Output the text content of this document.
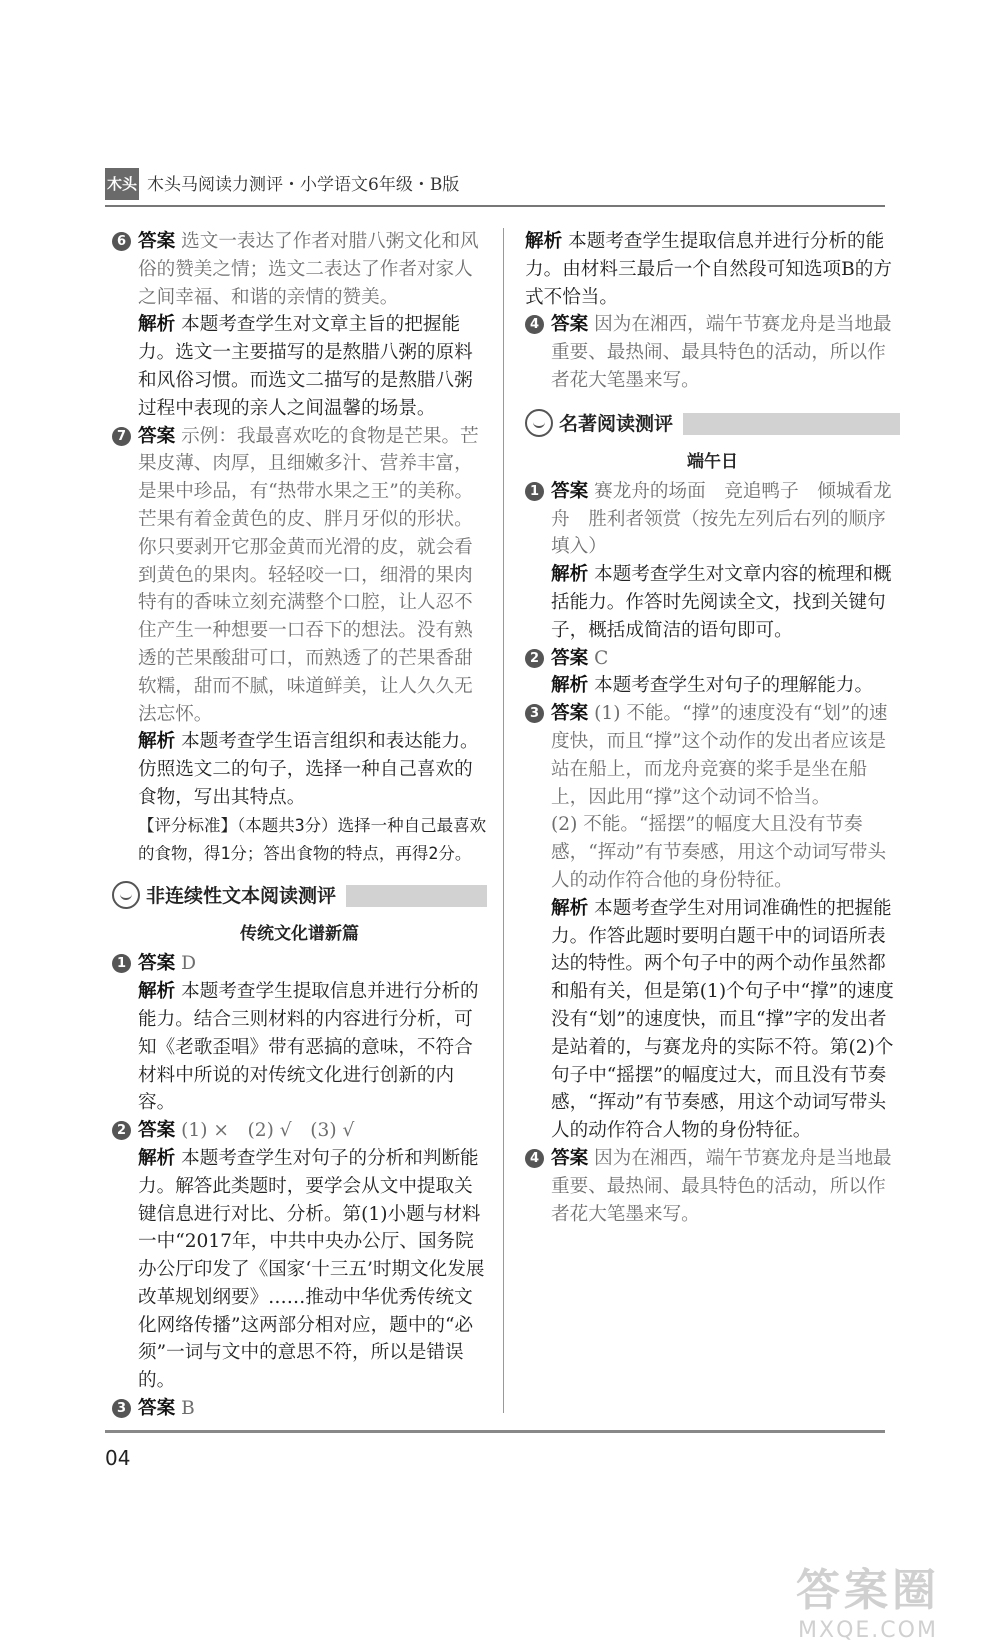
木头马
木头马阅读力测评・小学语文6年级・B版
6 答案 选文一表达了作者对腊八粥文化和风俗的赞美之情；选文二表达了作者对家人之间幸福、和谐的亲情的赞美。
解析 本题考查学生对文章主旨的把握能力。选文一主要描写的是熬腊八粥的原料和风俗习惯。而选文二描写的是熬腊八粥过程中表现的亲人之间温馨的场景。
7 答案 示例：我最喜欢吃的食物是芒果。芒果皮薄、肉厚，且细嫩多汁、营养丰富，是果中珍品，有“热带水果之王”的美称。芒果有着金黄色的皮、胖月牙似的形状。你只要剥开它那金黄而光滑的皮，就会看到黄色的果肉。轻轻咬一口，细滑的果肉特有的香味立刻充满整个口腔，让人忍不住产生一种想要一口吞下的想法。没有熟透的芒果酸甜可口，而熟透了的芒果香甜软糯，甜而不腻，味道鲜美，让人久久无法忘怀。
解析 本题考查学生语言组织和表达能力。仿照选文二的句子，选择一种自己喜欢的食物，写出其特点。
【评分标准】（本题共3分）选择一种自己最喜欢的食物，得1分；答出食物的特点，再得2分。
非连续性文本阅读测评
传统文化谱新篇
1 答案 D
解析 本题考查学生提取信息并进行分析的能力。结合三则材料的内容进行分析，可知《老歌歪唱》带有恶搞的意味，不符合材料中所说的对传统文化进行创新的内容。
2 答案 (1) ×　(2) √　(3) √
解析 本题考查学生对句子的分析和判断能力。解答此类题时，要学会从文中提取关键信息进行对比、分析。第(1)小题与材料一中“2017年，中共中央办公厅、国务院办公厅印发了《国家‘十三五’时期文化发展改革规划纲要》……推动中华优秀传统文化网络传播”这两部分相对应，题中的“必须”一词与文中的意思不符，所以是错误的。
3 答案 B
解析 本题考查学生提取信息并进行分析的能力。由材料三最后一个自然段可知选项B的方式不恰当。
4 答案 因为在湘西，端午节赛龙舟是当地最重要、最热闹、最具特色的活动，所以作者花大笔墨来写。
名著阅读测评
端午日
1 答案 赛龙舟的场面　竞追鸭子　倾城看龙舟　胜利者领赏（按先左列后右列的顺序填入）
解析 本题考查学生对文章内容的梳理和概括能力。作答时先阅读全文，找到关键句子，概括成简洁的语句即可。
2 答案 C
解析 本题考查学生对句子的理解能力。
3 答案 (1) 不能。“撑”的速度没有“划”的速度快，而且“撑”这个动作的发出者应该是站在船上，而龙舟竞赛的桨手是坐在船上，因此用“撑”这个动词不恰当。
(2) 不能。“摇摆”的幅度大且没有节奏感，“挥动”有节奏感，用这个动词写带头人的动作符合他的身份特征。
解析 本题考查学生对用词准确性的把握能力。作答此题时要明白题干中的词语所表达的特性。两个句子中的两个动作虽然都和船有关，但是第(1)个句子中“撑”的速度没有“划”的速度快，而且“撑”字的发出者是站着的，与赛龙舟的实际不符。第(2)个句子中“摇摆”的幅度过大，而且没有节奏感，“挥动”有节奏感，用这个动词写带头人的动作符合人物的身份特征。
4 答案 因为在湘西，端午节赛龙舟是当地最重要、最热闹、最具特色的活动，所以作者花大笔墨来写。
04
答案圈
MXQE.COM
